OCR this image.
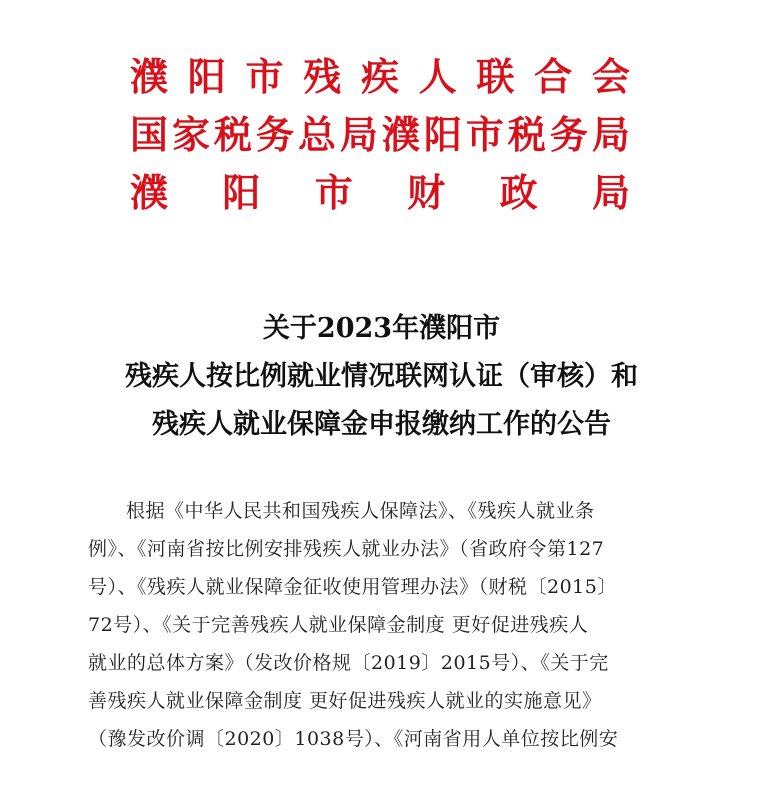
濮 阳 市 残 疾 人 联 合 会
国 家 税 务 总 局 濮 阳 市 税 务 局
濮 阳 市 财 政 局
关于2023年濮阳市
残疾人按比例就业情况联网认证（审核）和
残疾人就业保障金申报缴纳工作的公告
根据《中华人民共和国残疾人保障法》、《残疾人就业条
例》、《河南省按比例安排残疾人就业办法》（省政府令第127
号）、《残疾人就业保障金征收使用管理办法》（财税〔2015〕
72号）、《关于完善残疾人就业保障金制度 更好促进残疾人
就业的总体方案》（发改价格规〔2019〕2015号）、《关于完
善残疾人就业保障金制度 更好促进残疾人就业的实施意见》
（豫发改价调〔2020〕1038号）、《河南省用人单位按比例安
